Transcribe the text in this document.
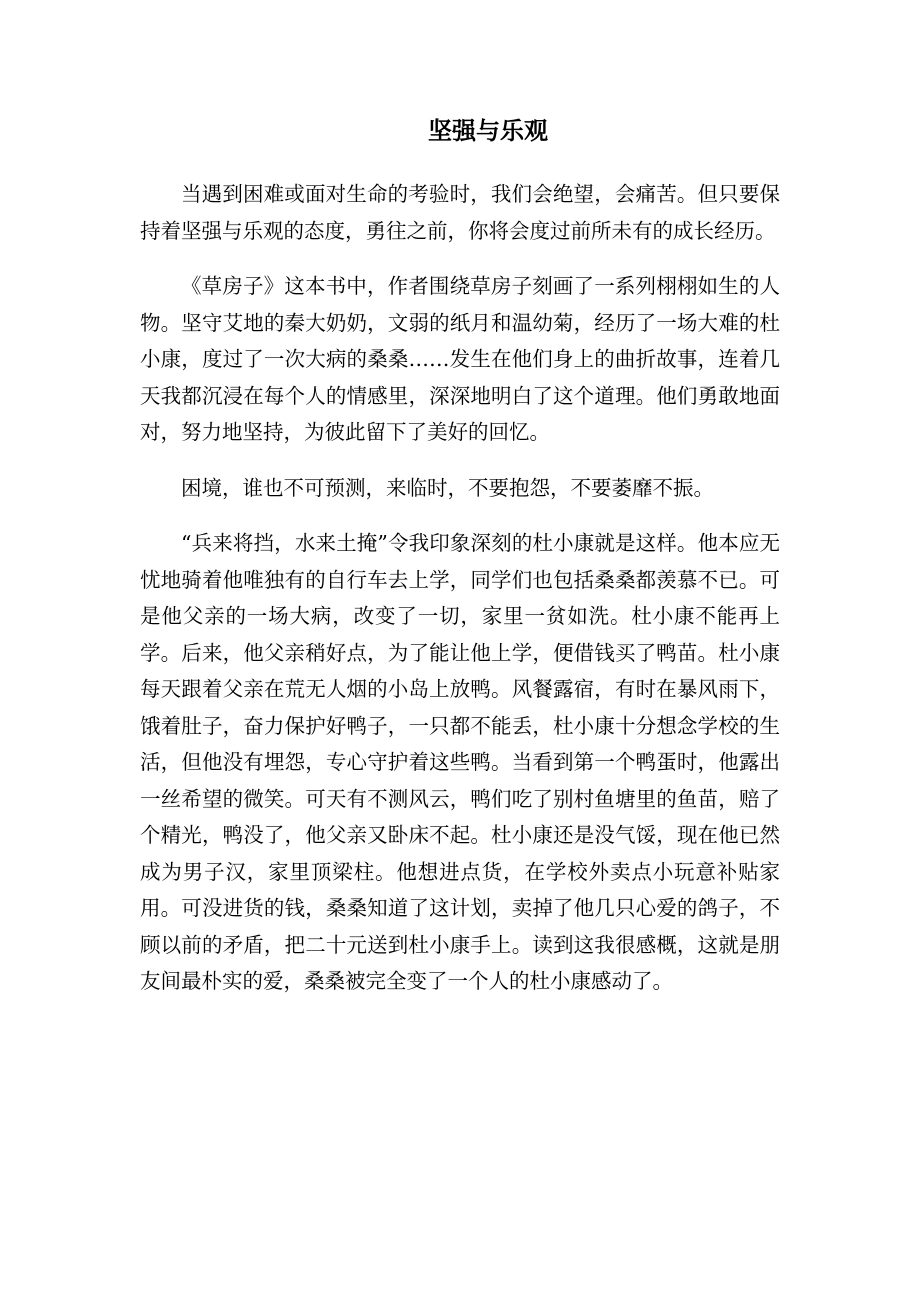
坚强与乐观

当遇到困难或面对生命的考验时，我们会绝望，会痛苦。但只要保持着坚强与乐观的态度，勇往之前，你将会度过前所未有的成长经历。

《草房子》这本书中，作者围绕草房子刻画了一系列栩栩如生的人物。坚守艾地的秦大奶奶，文弱的纸月和温幼菊，经历了一场大难的杜小康，度过了一次大病的桑桑……发生在他们身上的曲折故事，连着几天我都沉浸在每个人的情感里，深深地明白了这个道理。他们勇敢地面对，努力地坚持，为彼此留下了美好的回忆。

困境，谁也不可预测，来临时，不要抱怨，不要萎靡不振。

“兵来将挡，水来土掩”令我印象深刻的杜小康就是这样。他本应无忧地骑着他唯独有的自行车去上学，同学们也包括桑桑都羡慕不已。可是他父亲的一场大病，改变了一切，家里一贫如洗。杜小康不能再上学。后来，他父亲稍好点，为了能让他上学，便借钱买了鸭苗。杜小康每天跟着父亲在荒无人烟的小岛上放鸭。风餐露宿，有时在暴风雨下，饿着肚子，奋力保护好鸭子，一只都不能丢，杜小康十分想念学校的生活，但他没有埋怨，专心守护着这些鸭。当看到第一个鸭蛋时，他露出一丝希望的微笑。可天有不测风云，鸭们吃了别村鱼塘里的鱼苗，赔了个精光，鸭没了，他父亲又卧床不起。杜小康还是没气馁，现在他已然成为男子汉，家里顶梁柱。他想进点货，在学校外卖点小玩意补贴家用。可没进货的钱，桑桑知道了这计划，卖掉了他几只心爱的鸽子，不顾以前的矛盾，把二十元送到杜小康手上。读到这我很感概，这就是朋友间最朴实的爱，桑桑被完全变了一个人的杜小康感动了。
